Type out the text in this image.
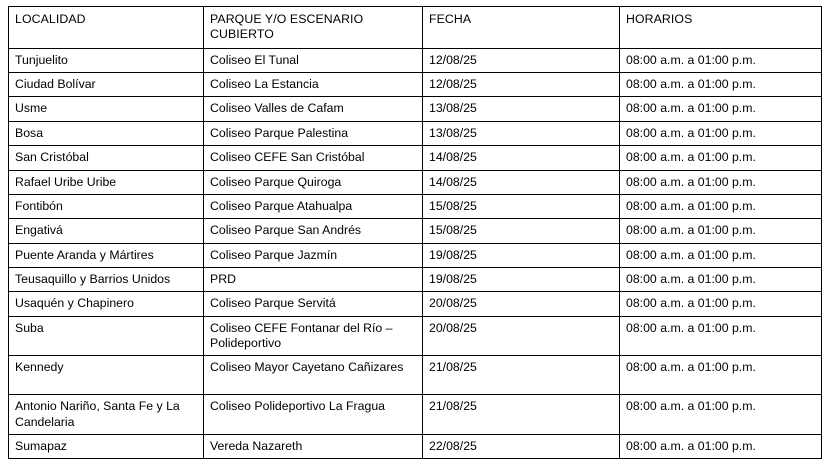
LOCALIDAD	PARQUE Y/O ESCENARIO CUBIERTO	FECHA	HORARIOS
Tunjuelito	Coliseo El Tunal	12/08/25	08:00 a.m. a 01:00 p.m.
Ciudad Bolívar	Coliseo La Estancia	12/08/25	08:00 a.m. a 01:00 p.m.
Usme	Coliseo Valles de Cafam	13/08/25	08:00 a.m. a 01:00 p.m.
Bosa	Coliseo Parque Palestina	13/08/25	08:00 a.m. a 01:00 p.m.
San Cristóbal	Coliseo CEFE San Cristóbal	14/08/25	08:00 a.m. a 01:00 p.m.
Rafael Uribe Uribe	Coliseo Parque Quiroga	14/08/25	08:00 a.m. a 01:00 p.m.
Fontibón	Coliseo Parque Atahualpa	15/08/25	08:00 a.m. a 01:00 p.m.
Engativá	Coliseo Parque San Andrés	15/08/25	08:00 a.m. a 01:00 p.m.
Puente Aranda y Mártires	Coliseo Parque Jazmín	19/08/25	08:00 a.m. a 01:00 p.m.
Teusaquillo y Barrios Unidos	PRD	19/08/25	08:00 a.m. a 01:00 p.m.
Usaquén y Chapinero	Coliseo Parque Servitá	20/08/25	08:00 a.m. a 01:00 p.m.
Suba	Coliseo CEFE Fontanar del Río – Polideportivo	20/08/25	08:00 a.m. a 01:00 p.m.
Kennedy	Coliseo Mayor Cayetano Cañizares	21/08/25	08:00 a.m. a 01:00 p.m.
Antonio Nariño, Santa Fe y La Candelaria	Coliseo Polideportivo La Fragua	21/08/25	08:00 a.m. a 01:00 p.m.
Sumapaz	Vereda Nazareth	22/08/25	08:00 a.m. a 01:00 p.m.
